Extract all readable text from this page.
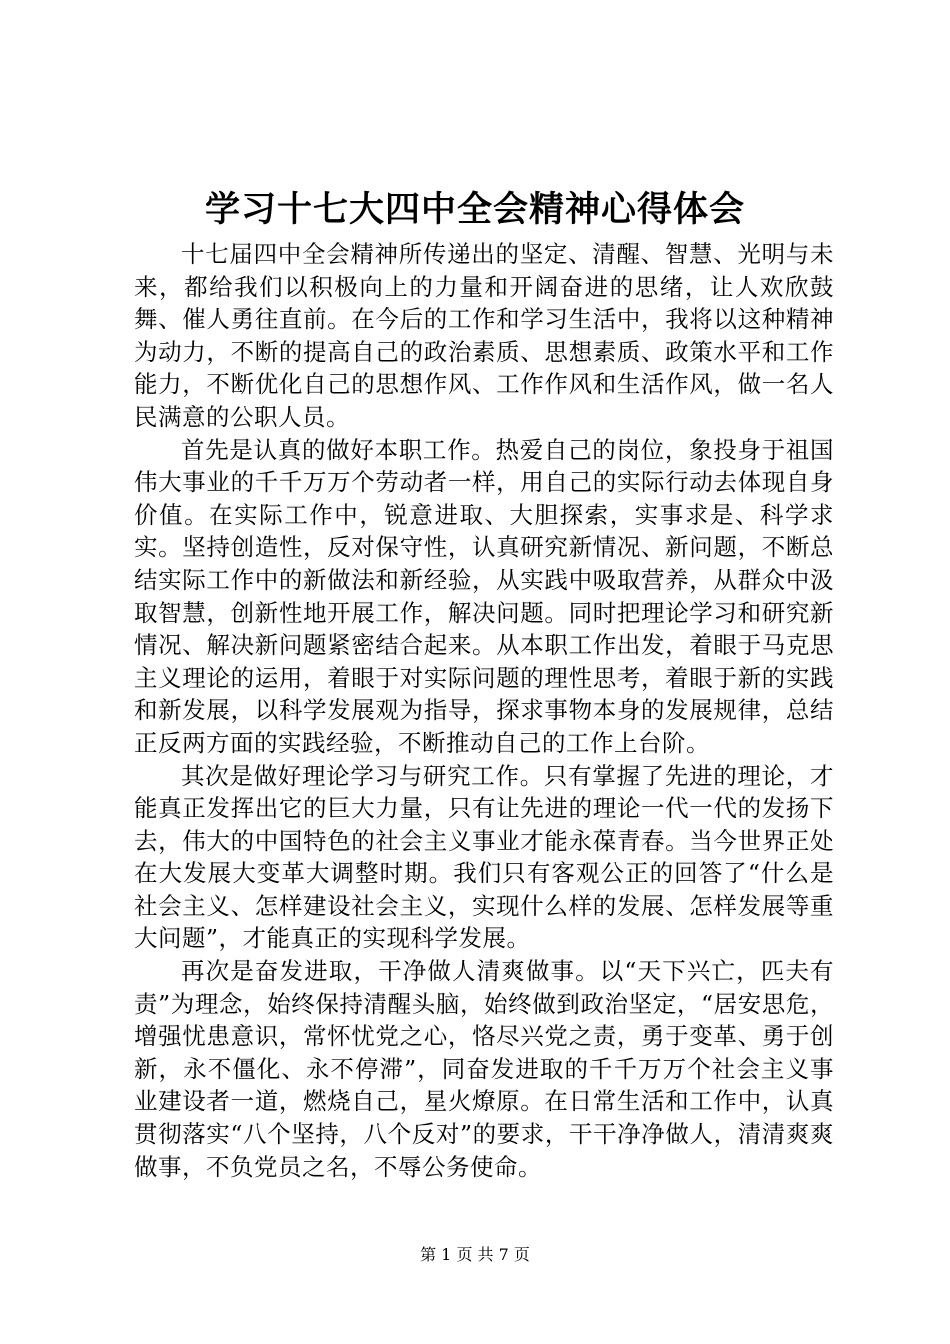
学习十七大四中全会精神心得体会

十七届四中全会精神所传递出的坚定、清醒、智慧、光明与未来，都给我们以积极向上的力量和开阔奋进的思绪，让人欢欣鼓舞、催人勇往直前。在今后的工作和学习生活中，我将以这种精神为动力，不断的提高自己的政治素质、思想素质、政策水平和工作能力，不断优化自己的思想作风、工作作风和生活作风，做一名人民满意的公职人员。

首先是认真的做好本职工作。热爱自己的岗位，象投身于祖国伟大事业的千千万万个劳动者一样，用自己的实际行动去体现自身价值。在实际工作中，锐意进取、大胆探索，实事求是、科学求实。坚持创造性，反对保守性，认真研究新情况、新问题，不断总结实际工作中的新做法和新经验，从实践中吸取营养，从群众中汲取智慧，创新性地开展工作，解决问题。同时把理论学习和研究新情况、解决新问题紧密结合起来。从本职工作出发，着眼于马克思主义理论的运用，着眼于对实际问题的理性思考，着眼于新的实践和新发展，以科学发展观为指导，探求事物本身的发展规律，总结正反两方面的实践经验，不断推动自己的工作上台阶。

其次是做好理论学习与研究工作。只有掌握了先进的理论，才能真正发挥出它的巨大力量，只有让先进的理论一代一代的发扬下去，伟大的中国特色的社会主义事业才能永葆青春。当今世界正处在大发展大变革大调整时期。我们只有客观公正的回答了“什么是社会主义、怎样建设社会主义，实现什么样的发展、怎样发展等重大问题”，才能真正的实现科学发展。

再次是奋发进取，干净做人清爽做事。以“天下兴亡，匹夫有责”为理念，始终保持清醒头脑，始终做到政治坚定，“居安思危，增强忧患意识，常怀忧党之心，恪尽兴党之责，勇于变革、勇于创新，永不僵化、永不停滞”，同奋发进取的千千万万个社会主义事业建设者一道，燃烧自己，星火燎原。在日常生活和工作中，认真贯彻落实“八个坚持，八个反对”的要求，干干净净做人，清清爽爽做事，不负党员之名，不辱公务使命。

第 1 页 共 7 页
